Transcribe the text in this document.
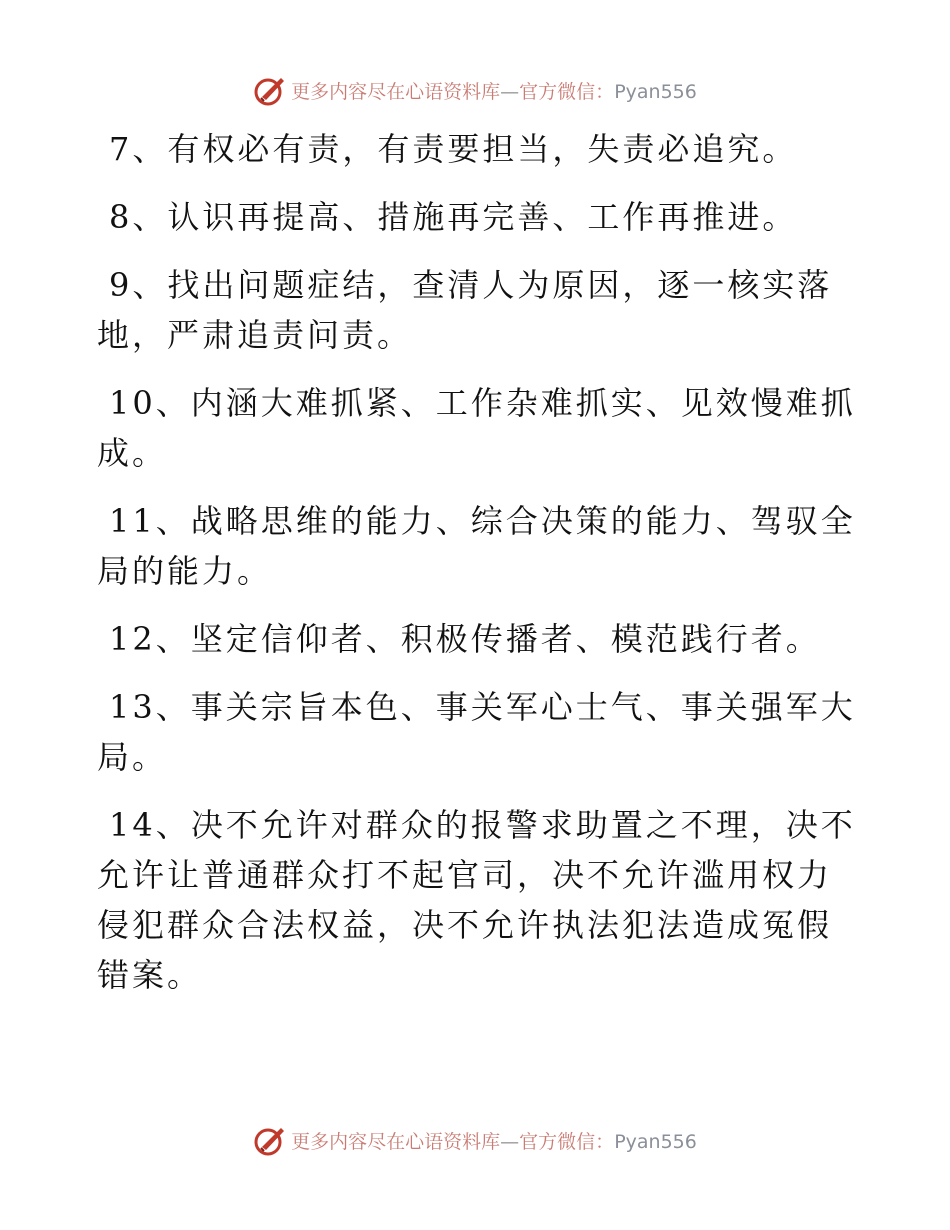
更多内容尽在心语资料库—官方微信：Pyan556

7、有权必有责，有责要担当，失责必追究。

8、认识再提高、措施再完善、工作再推进。

9、找出问题症结，查清人为原因，逐一核实落地，严肃追责问责。

10、内涵大难抓紧、工作杂难抓实、见效慢难抓成。

11、战略思维的能力、综合决策的能力、驾驭全局的能力。

12、坚定信仰者、积极传播者、模范践行者。

13、事关宗旨本色、事关军心士气、事关强军大局。

14、决不允许对群众的报警求助置之不理，决不允许让普通群众打不起官司，决不允许滥用权力侵犯群众合法权益，决不允许执法犯法造成冤假错案。

更多内容尽在心语资料库—官方微信：Pyan556
